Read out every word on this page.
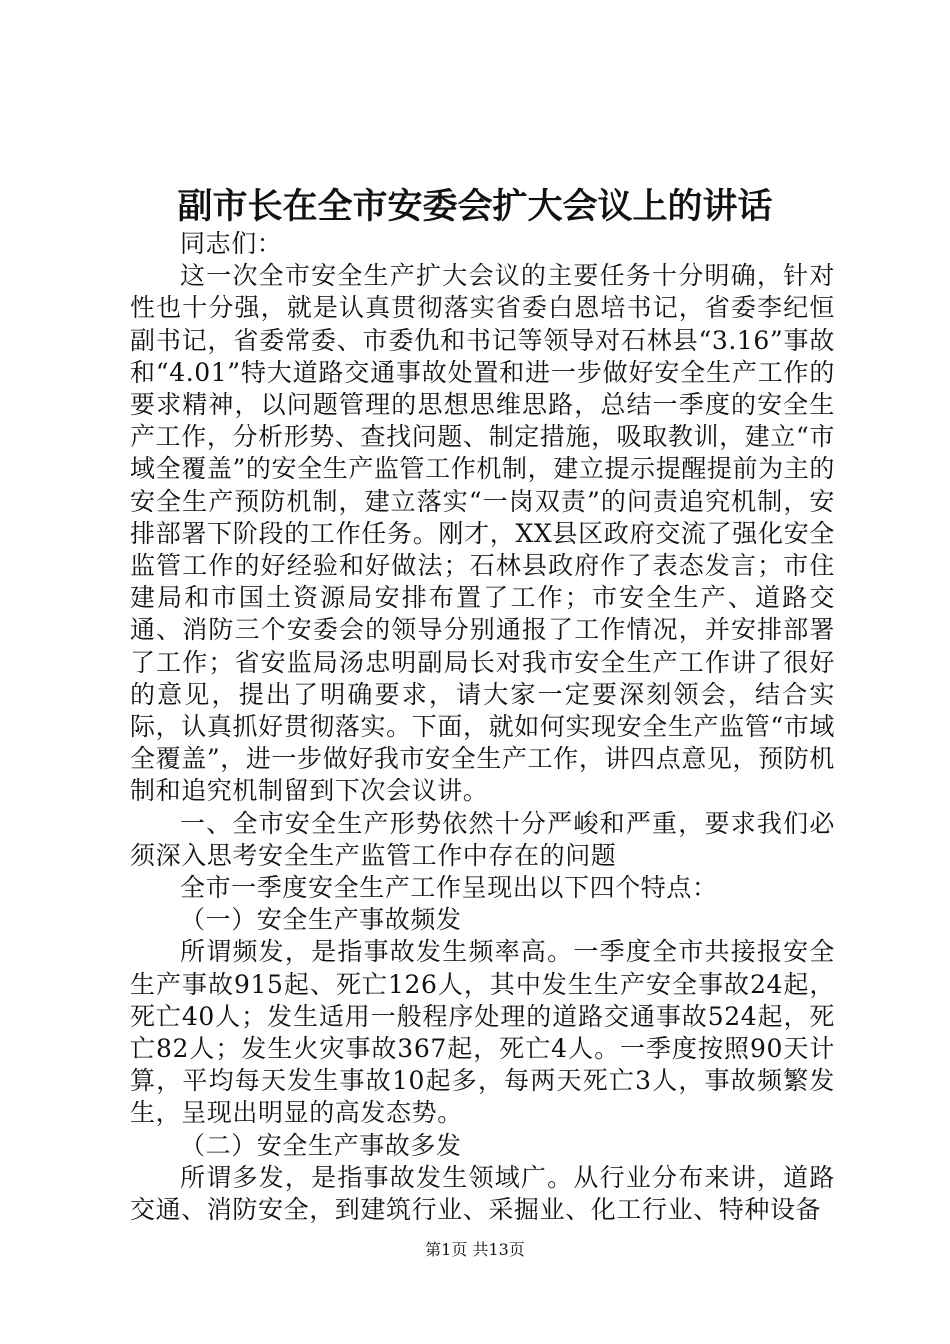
副市长在全市安委会扩大会议上的讲话

同志们：

这一次全市安全生产扩大会议的主要任务十分明确，针对性也十分强，就是认真贯彻落实省委白恩培书记，省委李纪恒副书记，省委常委、市委仇和书记等领导对石林县“3.16”事故和“4.01”特大道路交通事故处置和进一步做好安全生产工作的要求精神，以问题管理的思想思维思路，总结一季度的安全生产工作，分析形势、查找问题、制定措施，吸取教训，建立“市域全覆盖”的安全生产监管工作机制，建立提示提醒提前为主的安全生产预防机制，建立落实“一岗双责”的问责追究机制，安排部署下阶段的工作任务。刚才，XX县区政府交流了强化安全监管工作的好经验和好做法；石林县政府作了表态发言；市住建局和市国土资源局安排布置了工作；市安全生产、道路交通、消防三个安委会的领导分别通报了工作情况，并安排部署了工作；省安监局汤忠明副局长对我市安全生产工作讲了很好的意见，提出了明确要求，请大家一定要深刻领会，结合实际，认真抓好贯彻落实。下面，就如何实现安全生产监管“市域全覆盖”，进一步做好我市安全生产工作，讲四点意见，预防机制和追究机制留到下次会议讲。

一、全市安全生产形势依然十分严峻和严重，要求我们必须深入思考安全生产监管工作中存在的问题

全市一季度安全生产工作呈现出以下四个特点：

（一）安全生产事故频发

所谓频发，是指事故发生频率高。一季度全市共接报安全生产事故915起、死亡126人，其中发生生产安全事故24起，死亡40人；发生适用一般程序处理的道路交通事故524起，死亡82人；发生火灾事故367起，死亡4人。一季度按照90天计算，平均每天发生事故10起多，每两天死亡3人，事故频繁发生，呈现出明显的高发态势。

（二）安全生产事故多发

所谓多发，是指事故发生领域广。从行业分布来讲，道路交通、消防安全，到建筑行业、采掘业、化工行业、特种设备

第1页 共13页
